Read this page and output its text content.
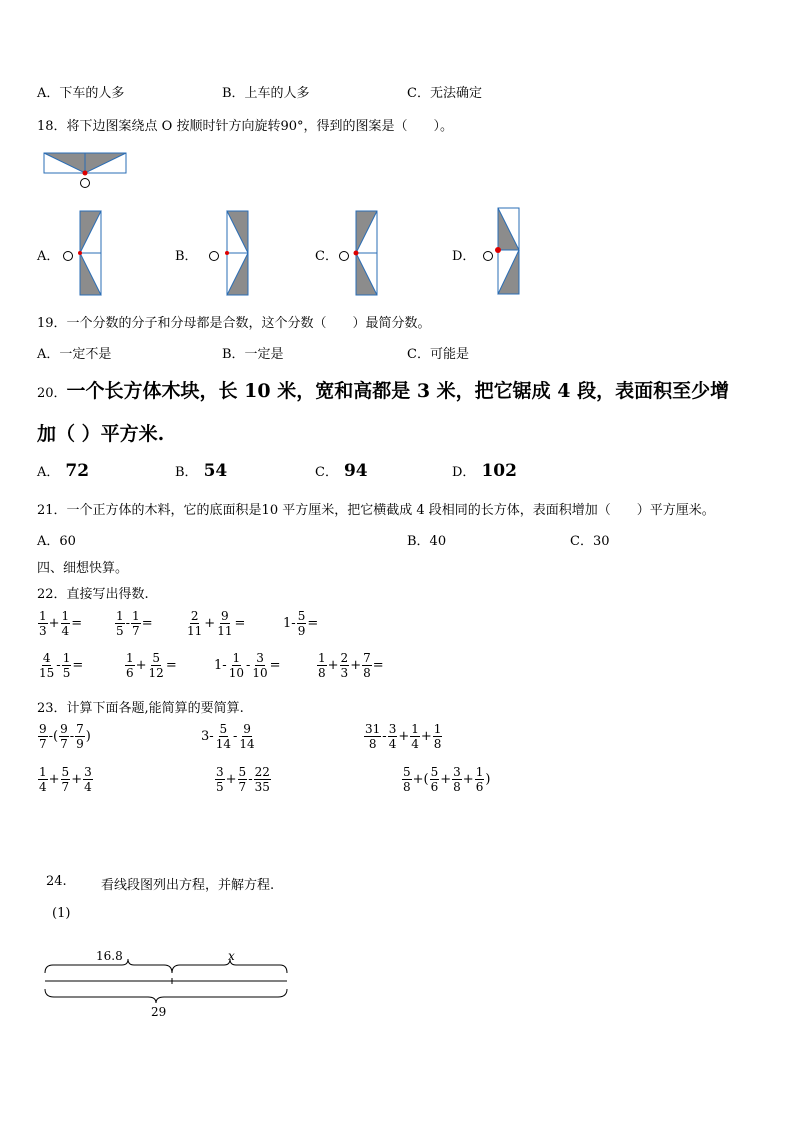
A．下车的人多	B．上车的人多	C．无法确定
18．将下边图案绕点 O 按顺时针方向旋转90°，得到的图案是（　　）。
A．	B．	C．	D．
19．一个分数的分子和分母都是合数，这个分数（　　）最简分数。
A．一定不是	B．一定是	C．可能是
20．一个长方体木块，长 10 米，宽和高都是 3 米，把它锯成 4 段，表面积至少增
加（ ）平方米.
A． 72	B． 54	C． 94	D． 102
21．一个正方体的木料，它的底面积是10 平方厘米，把它横截成 4 段相同的长方体，表面积增加（　　）平方厘米。
A．60	B．40	C．30
四、细想快算。
22．直接写出得数.
$\frac{1}{3} + \frac{1}{4}$ =	$\frac{1}{5} - \frac{1}{7}$ =	$\frac{2}{11} + \frac{9}{11}$ =	$1 - \frac{5}{9}$ =
$\frac{4}{15} - \frac{1}{5}$ =	$\frac{1}{6} + \frac{5}{12}$ =	$1 - \frac{1}{10} - \frac{3}{10}$ =	$\frac{1}{8} + \frac{2}{3} + \frac{7}{8}$ =
23．计算下面各题,能简算的要简算.
$\frac{9}{7}$ -( $\frac{9}{7} - \frac{7}{9}$ )	$3 - \frac{5}{14} - \frac{9}{14}$	$\frac{31}{8} - \frac{3}{4} + \frac{1}{4} + \frac{1}{8}$
$\frac{1}{4} + \frac{5}{7} + \frac{3}{4}$	$\frac{3}{5} + \frac{5}{7} - \frac{22}{35}$	$\frac{5}{8}$ +( $\frac{5}{6} + \frac{3}{8} + \frac{1}{6}$ )
24.	看线段图列出方程，并解方程.
(1)
16.8	x
29
